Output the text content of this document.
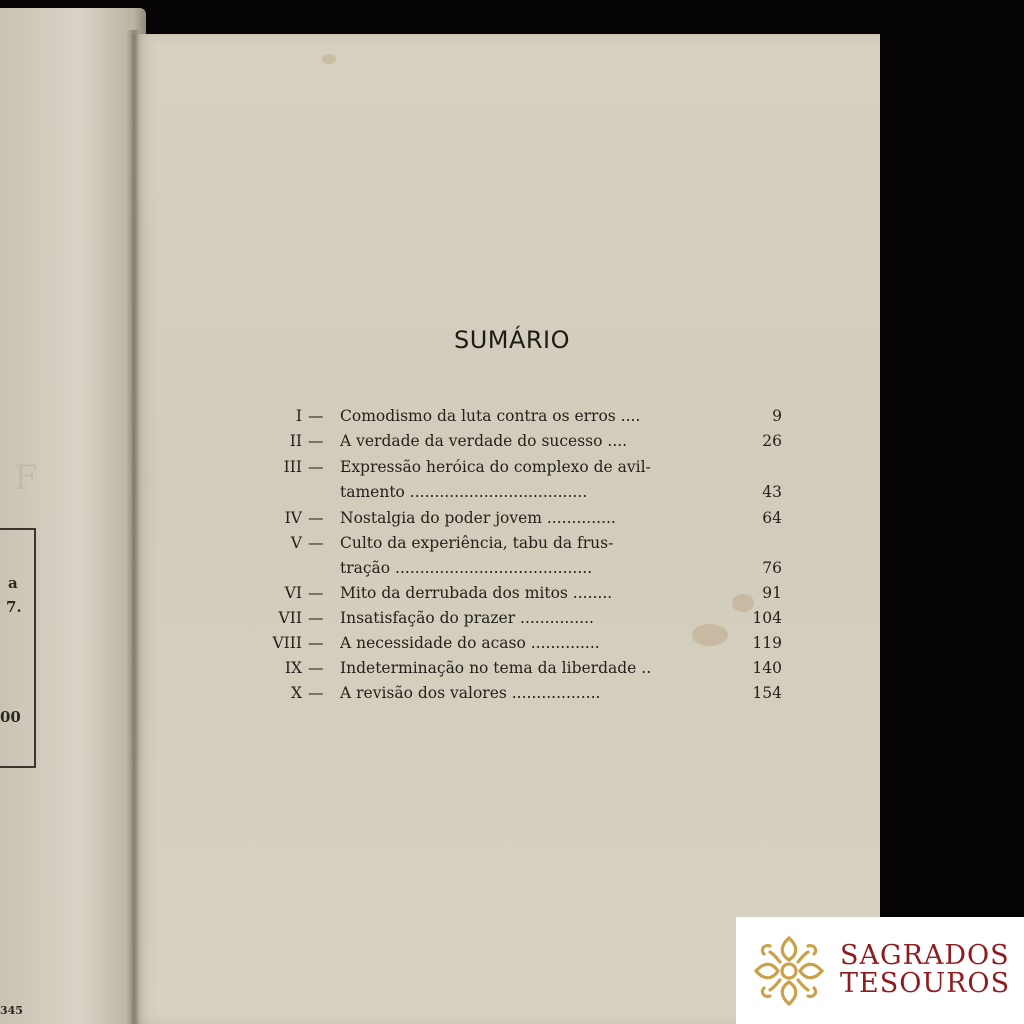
F
a
7.
00
345
SUMÁRIO
I — Comodismo da luta contra os erros ....	9
II — A verdade da verdade do sucesso ....	26
III — Expressão heróica do complexo de avil-
tamento ....................................	43
IV — Nostalgia do poder jovem ..............	64
V — Culto da experiência, tabu da frus-
tração ........................................	76
VI — Mito da derrubada dos mitos ........	91
VII — Insatisfação do prazer ...............	104
VIII — A necessidade do acaso ..............	119
IX — Indeterminação no tema da liberdade ..	140
X — A revisão dos valores ..................	154
SAGRADOS
TESOUROS
